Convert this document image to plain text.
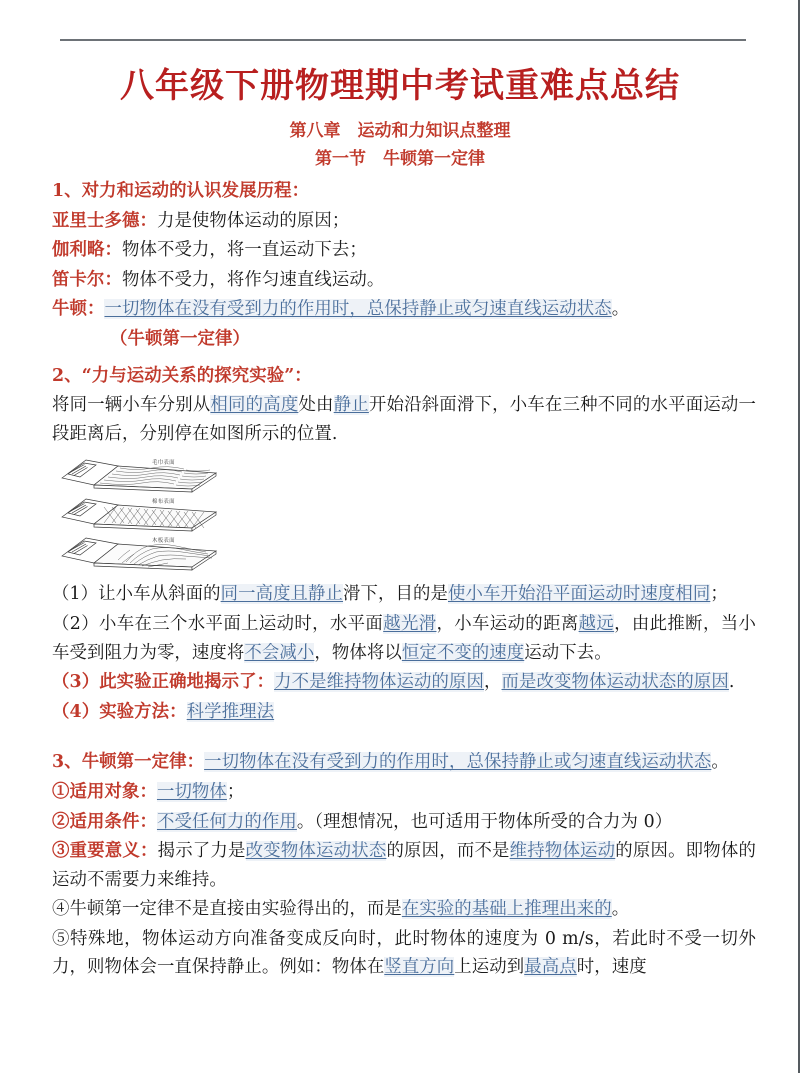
八年级下册物理期中考试重难点总结
第八章　运动和力知识点整理
第一节　牛顿第一定律

1、对力和运动的认识发展历程：

亚里士多德：力是使物体运动的原因；

伽利略：物体不受力，将一直运动下去；

笛卡尔：物体不受力，将作匀速直线运动。

牛顿：一切物体在没有受到力的作用时，总保持静止或匀速直线运动状态。

（牛顿第一定律）

2、“力与运动关系的探究实验”：

将同一辆小车分别从相同的高度处由静止开始沿斜面滑下，小车在三种不同的水平面运动一段距离后，分别停在如图所示的位置.

毛巾表面
棉布表面
木板表面

（1）让小车从斜面的同一高度且静止滑下，目的是使小车开始沿平面运动时速度相同；

（2）小车在三个水平面上运动时，水平面越光滑，小车运动的距离越远，由此推断，当小车受到阻力为零，速度将不会减小，物体将以恒定不变的速度运动下去。

（3）此实验正确地揭示了：力不是维持物体运动的原因，而是改变物体运动状态的原因.

（4）实验方法：科学推理法

3、牛顿第一定律：一切物体在没有受到力的作用时，总保持静止或匀速直线运动状态。

①适用对象：一切物体；

②适用条件：不受任何力的作用。（理想情况，也可适用于物体所受的合力为 0）

③重要意义：揭示了力是改变物体运动状态的原因，而不是维持物体运动的原因。即物体的运动不需要力来维持。

④牛顿第一定律不是直接由实验得出的，而是在实验的基础上推理出来的。

⑤特殊地，物体运动方向准备变成反向时，此时物体的速度为 0 m/s，若此时不受一切外力，则物体会一直保持静止。例如：物体在竖直方向上运动到最高点时，速度
